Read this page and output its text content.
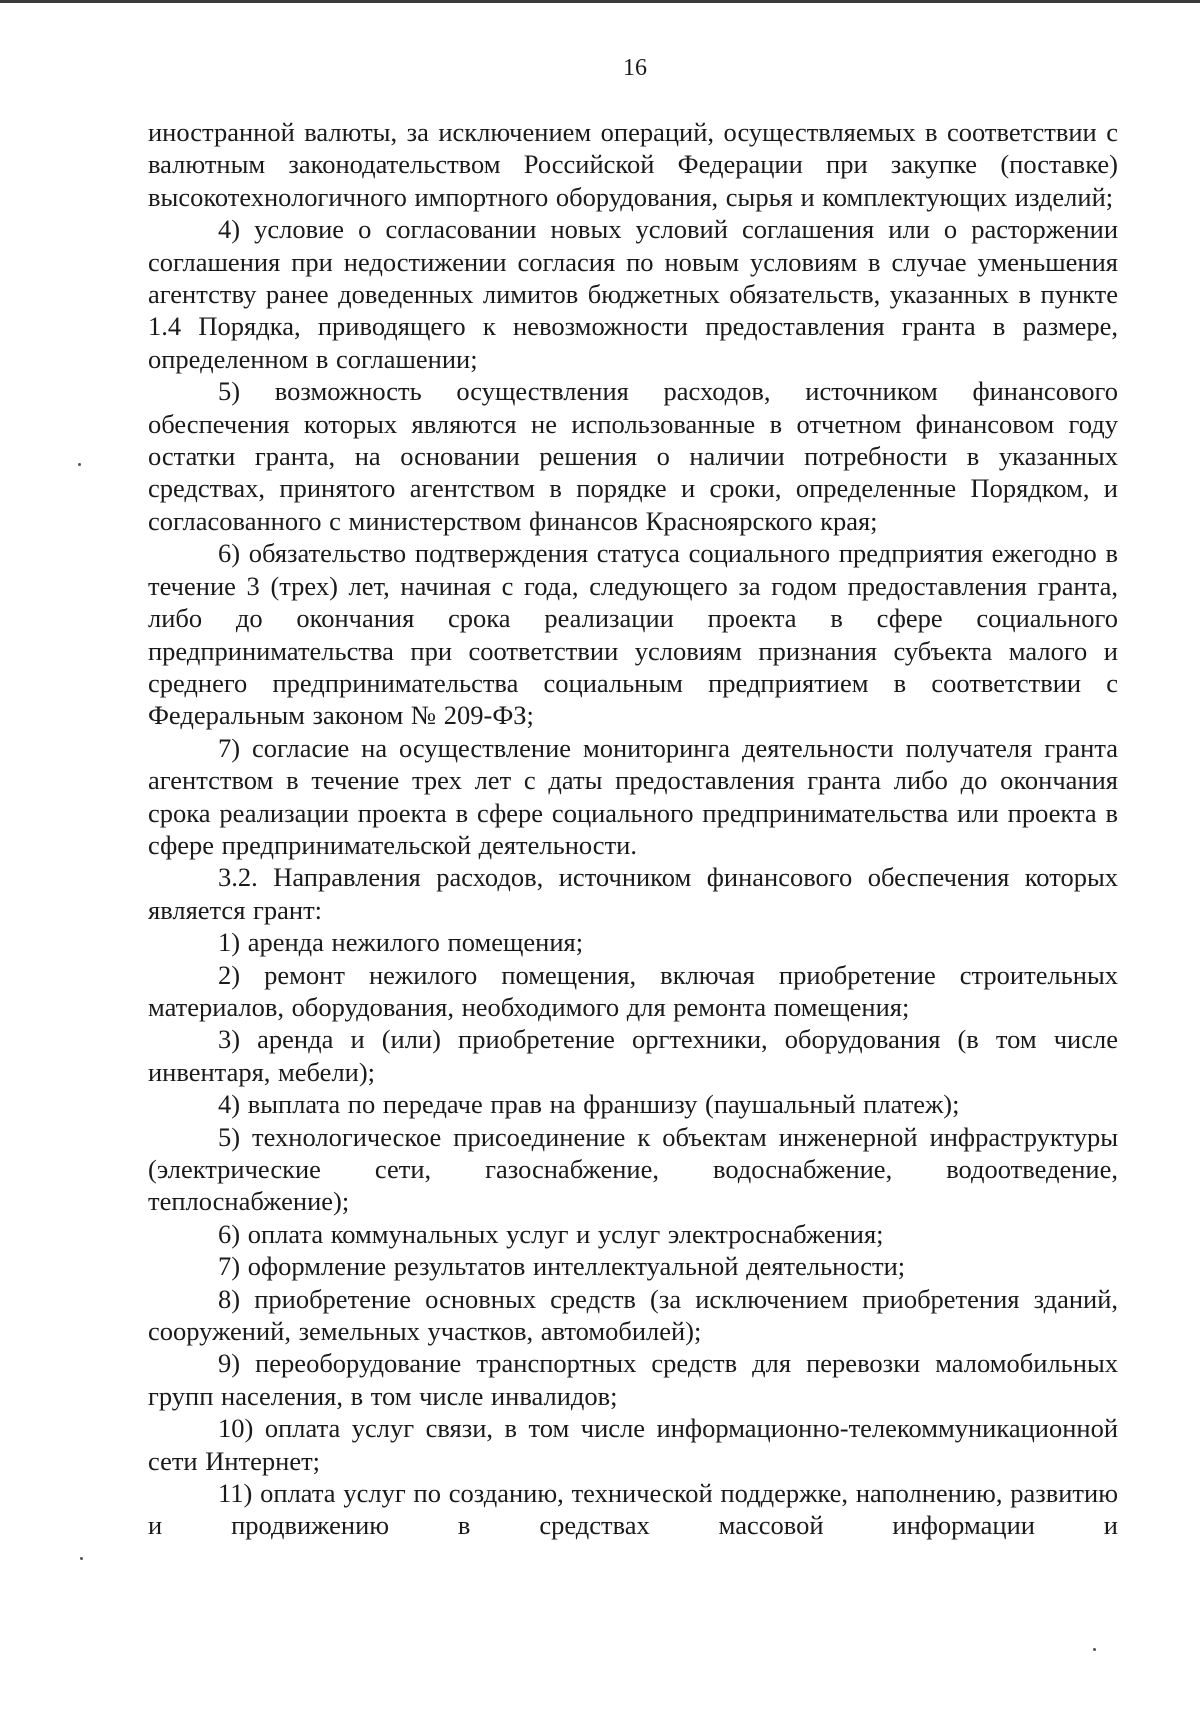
16

иностранной валюты, за исключением операций, осуществляемых в соответствии с валютным законодательством Российской Федерации при закупке (поставке) высокотехнологичного импортного оборудования, сырья и комплектующих изделий;

4) условие о согласовании новых условий соглашения или о расторжении соглашения при недостижении согласия по новым условиям в случае уменьшения агентству ранее доведенных лимитов бюджетных обязательств, указанных в пункте 1.4 Порядка, приводящего к невозможности предоставления гранта в размере, определенном в соглашении;

5) возможность осуществления расходов, источником финансового обеспечения которых являются не использованные в отчетном финансовом году остатки гранта, на основании решения о наличии потребности в указанных средствах, принятого агентством в порядке и сроки, определенные Порядком, и согласованного с министерством финансов Красноярского края;

6) обязательство подтверждения статуса социального предприятия ежегодно в течение 3 (трех) лет, начиная с года, следующего за годом предоставления гранта, либо до окончания срока реализации проекта в сфере социального предпринимательства при соответствии условиям признания субъекта малого и среднего предпринимательства социальным предприятием в соответствии с Федеральным законом № 209-ФЗ;

7) согласие на осуществление мониторинга деятельности получателя гранта агентством в течение трех лет с даты предоставления гранта либо до окончания срока реализации проекта в сфере социального предпринимательства или проекта в сфере предпринимательской деятельности.

3.2. Направления расходов, источником финансового обеспечения которых является грант:

1) аренда нежилого помещения;

2) ремонт нежилого помещения, включая приобретение строительных материалов, оборудования, необходимого для ремонта помещения;

3) аренда и (или) приобретение оргтехники, оборудования (в том числе инвентаря, мебели);

4) выплата по передаче прав на франшизу (паушальный платеж);

5) технологическое присоединение к объектам инженерной инфраструктуры (электрические сети, газоснабжение, водоснабжение, водоотведение, теплоснабжение);

6) оплата коммунальных услуг и услуг электроснабжения;

7) оформление результатов интеллектуальной деятельности;

8) приобретение основных средств (за исключением приобретения зданий, сооружений, земельных участков, автомобилей);

9) переоборудование транспортных средств для перевозки маломобильных групп населения, в том числе инвалидов;

10) оплата услуг связи, в том числе информационно-телекоммуникационной сети Интернет;

11) оплата услуг по созданию, технической поддержке, наполнению, развитию и продвижению в средствах массовой информации и
